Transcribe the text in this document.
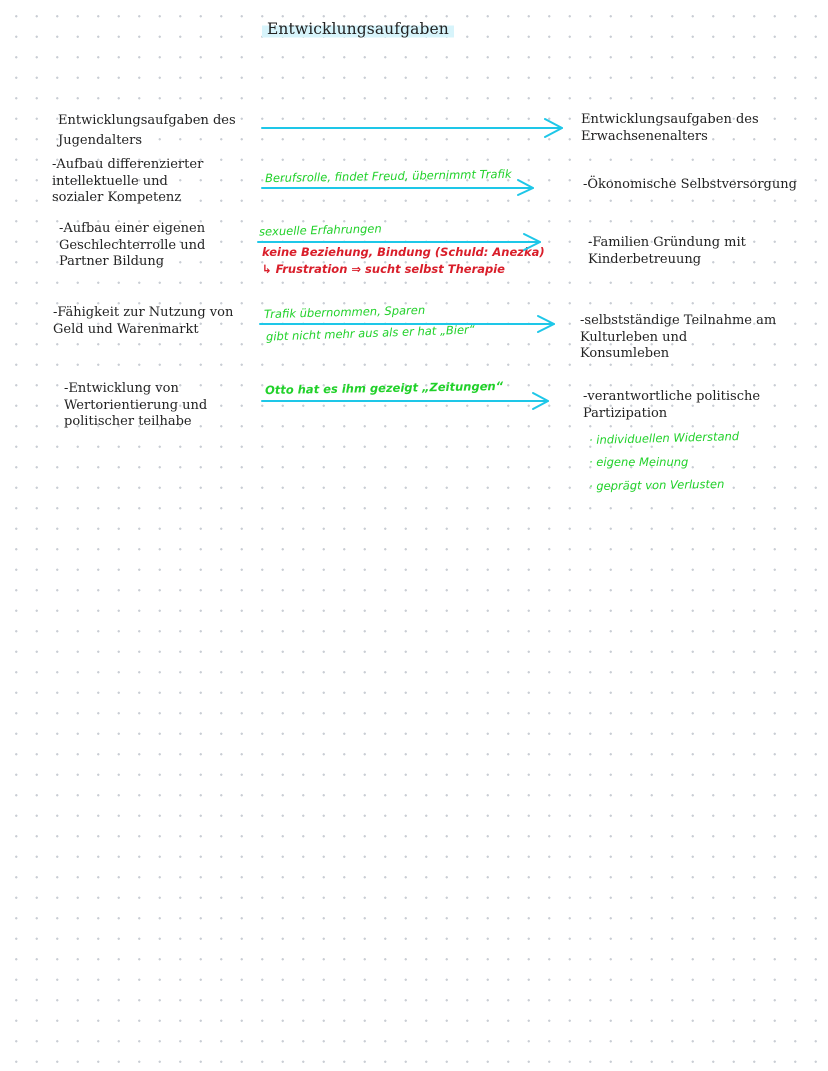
Entwicklungsaufgaben
Entwicklungsaufgaben des
Jugendalters
Entwicklungsaufgaben des
Erwachsenenalters
-Aufbau differenzierter
intellektuelle und
sozialer Kompetenz
Berufsrolle, findet Freud, übernimmt Trafik	-Ökonomische Selbstversorgung
-Aufbau einer eigenen
Geschlechterrolle und
Partner Bildung
sexuelle Erfahrungen
keine Beziehung, Bindung (Schuld: Anezka)
↳ Frustration ⇒ sucht selbst Therapie
-Familien Gründung mit
Kinderbetreuung
-Fähigkeit zur Nutzung von
Geld und Warenmarkt
Trafik übernommen, Sparen
gibt nicht mehr aus als er hat „Bier“
-selbstständige Teilnahme am
Kulturleben und
Konsumleben
-Entwicklung von
Wertorientierung und
politischer teilhabe
Otto hat es ihm gezeigt „Zeitungen“	-verantwortliche politische
Partizipation
· individuellen Widerstand
· eigene Meinung
· geprägt von Verlusten
